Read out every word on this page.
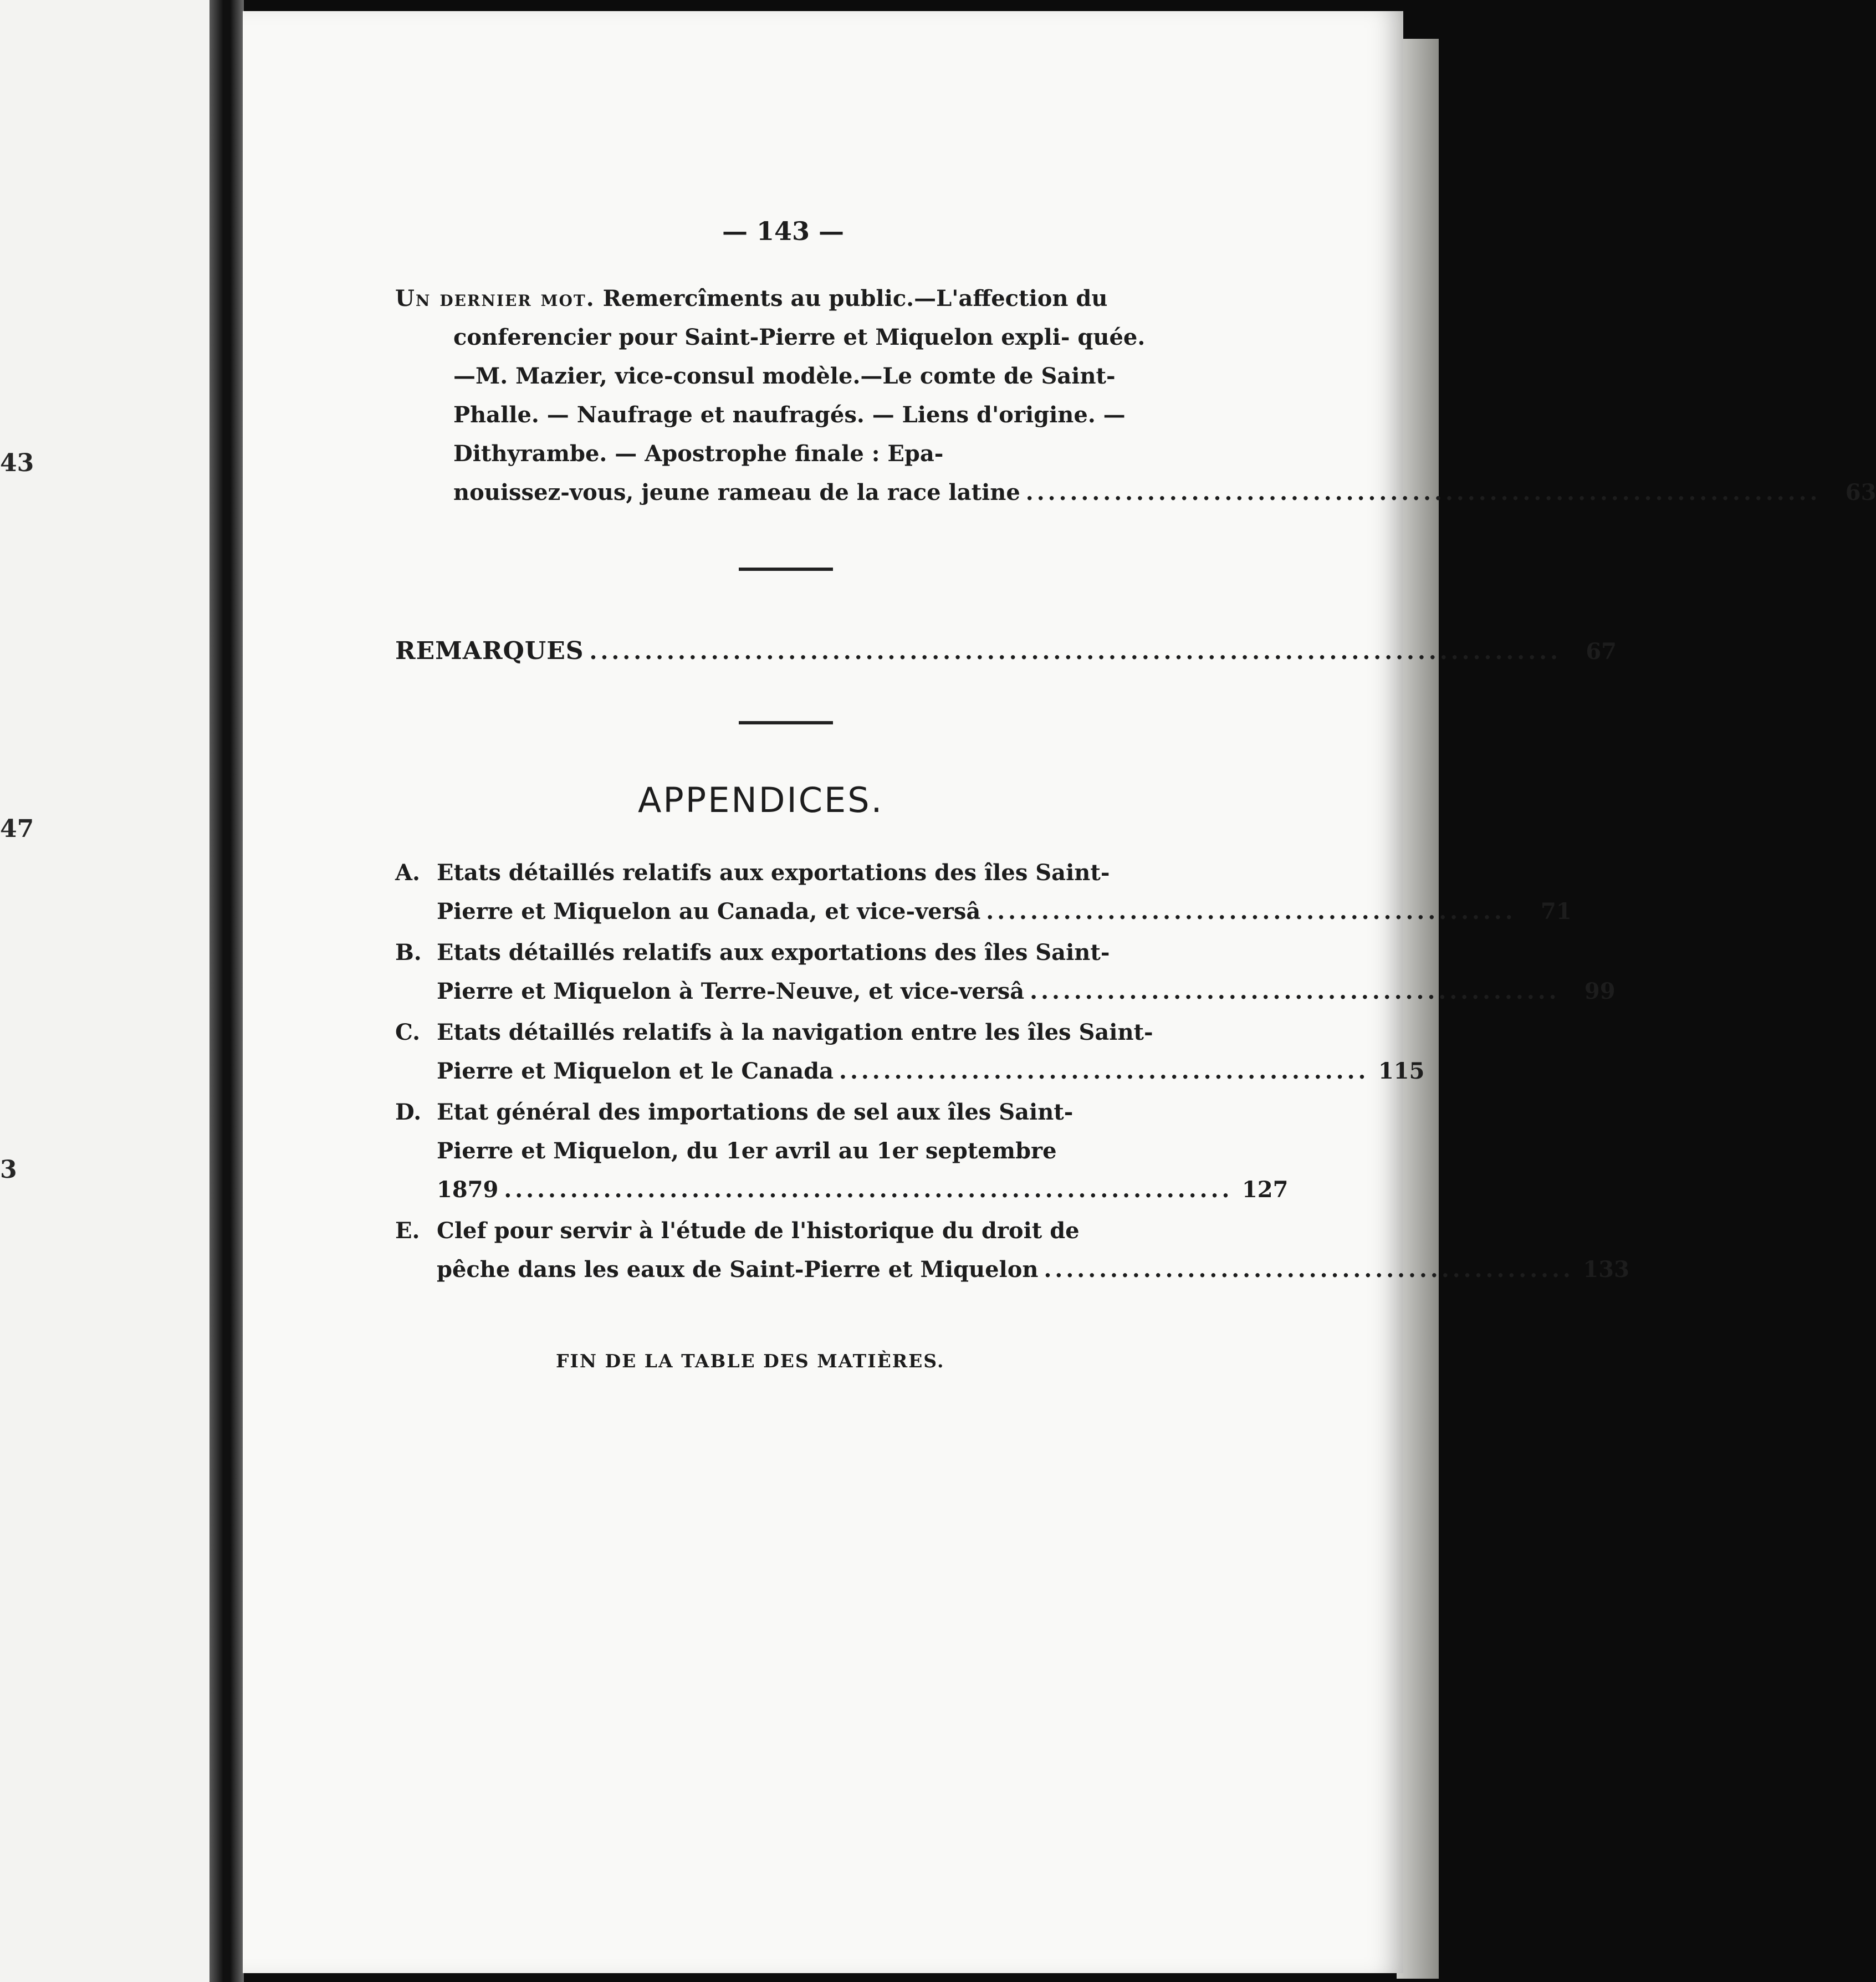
43
47
3
— 143 —
Un dernier mot. Remercîments au public.—L'affection du conferencier pour Saint-Pierre et Miquelon expli- quée.—M. Mazier, vice-consul modèle.—Le comte de Saint-Phalle. — Naufrage et naufragés. — Liens d'origine. — Dithyrambe. — Apostrophe finale : Epa-
nouissez-vous, jeune rameau de la race latine ........................................................................	63
REMARQUES ........................................................................................	67
APPENDICES.
A. Etats détaillés relatifs aux exportations des îles Saint-
Pierre et Miquelon au Canada, et vice-versâ ................................................	71
B. Etats détaillés relatifs aux exportations des îles Saint-
Pierre et Miquelon à Terre-Neuve, et vice-versâ ................................................	99
C. Etats détaillés relatifs à la navigation entre les îles Saint-
Pierre et Miquelon et le Canada ................................................ 115
D. Etat général des importations de sel aux îles Saint-
Pierre et Miquelon, du 1er avril au 1er septembre
1879 .................................................................. 127
E. Clef pour servir à l'étude de l'historique du droit de
pêche dans les eaux de Saint-Pierre et Miquelon ................................................ 133
FIN DE LA TABLE DES MATIÈRES.
